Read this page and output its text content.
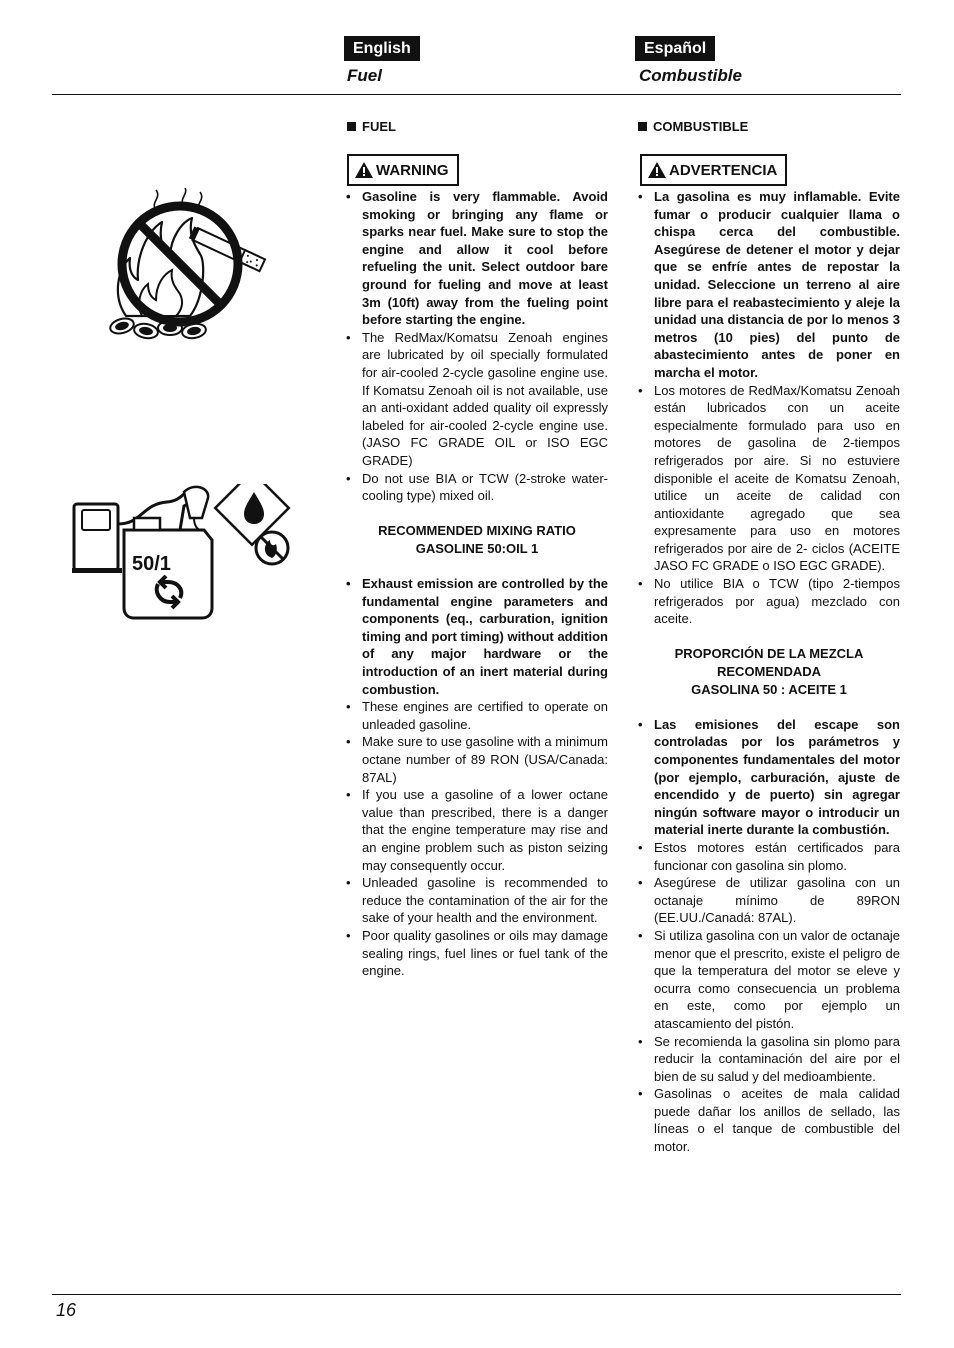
English
Fuel
Español
Combustible
50/1
FUEL
WARNING
• Gasoline is very flammable. Avoid smoking or bringing any flame or sparks near fuel. Make sure to stop the engine and allow it cool before refueling the unit. Select outdoor bare ground for fueling and move at least 3m (10ft) away from the fueling point before starting the engine.
• The RedMax/Komatsu Zenoah engines are lubricated by oil specially formulated for air-cooled 2-cycle gasoline engine use. If Komatsu Zenoah oil is not available, use an anti-oxidant added quality oil expressly labeled for air-cooled 2-cycle engine use. (JASO FC GRADE OIL or ISO EGC GRADE)
• Do not use BIA or TCW (2-stroke water-cooling type) mixed oil.
RECOMMENDED MIXING RATIO
GASOLINE 50:OIL 1
• Exhaust emission are controlled by the fundamental engine parameters and components (eq., carburation, ignition timing and port timing) without addition of any major hardware or the introduction of an inert material during combustion.
• These engines are certified to operate on unleaded gasoline.
• Make sure to use gasoline with a minimum octane number of 89 RON (USA/Canada: 87AL)
• If you use a gasoline of a lower octane value than prescribed, there is a danger that the engine temperature may rise and an engine problem such as piston seizing may consequently occur.
• Unleaded gasoline is recommended to reduce the contamination of the air for the sake of your health and the environment.
• Poor quality gasolines or oils may damage sealing rings, fuel lines or fuel tank of the engine.
COMBUSTIBLE
ADVERTENCIA
• La gasolina es muy inflamable. Evite fumar o producir cualquier llama o chispa cerca del combustible. Asegúrese de detener el motor y dejar que se enfríe antes de repostar la unidad. Seleccione un terreno al aire libre para el reabastecimiento y aleje la unidad una distancia de por lo menos 3 metros (10 pies) del punto de abastecimiento antes de poner en marcha el motor.
• Los motores de RedMax/Komatsu Zenoah están lubricados con un aceite especialmente formulado para uso en motores de gasolina de 2-tiempos refrigerados por aire. Si no estuviere disponible el aceite de Komatsu Zenoah, utilice un aceite de calidad con antioxidante agregado que sea expresamente para uso en motores refrigerados por aire de 2- ciclos (ACEITE JASO FC GRADE o ISO EGC GRADE).
• No utilice BIA o TCW (tipo 2-tiempos refrigerados por agua) mezclado con aceite.
PROPORCIÓN DE LA MEZCLA
RECOMENDADA
GASOLINA 50 : ACEITE 1
• Las emisiones del escape son controladas por los parámetros y componentes fundamentales del motor (por ejemplo, carburación, ajuste de encendido y de puerto) sin agregar ningún software mayor o introducir un material inerte durante la combustión.
• Estos motores están certificados para funcionar con gasolina sin plomo.
• Asegúrese de utilizar gasolina con un octanaje mínimo de 89RON (EE.UU./Canadá: 87AL).
• Si utiliza gasolina con un valor de octanaje menor que el prescrito, existe el peligro de que la temperatura del motor se eleve y ocurra como consecuencia un problema en este, como por ejemplo un atascamiento del pistón.
• Se recomienda la gasolina sin plomo para reducir la contaminación del aire por el bien de su salud y del medioambiente.
• Gasolinas o aceites de mala calidad puede dañar los anillos de sellado, las líneas o el tanque de combustible del motor.
16
